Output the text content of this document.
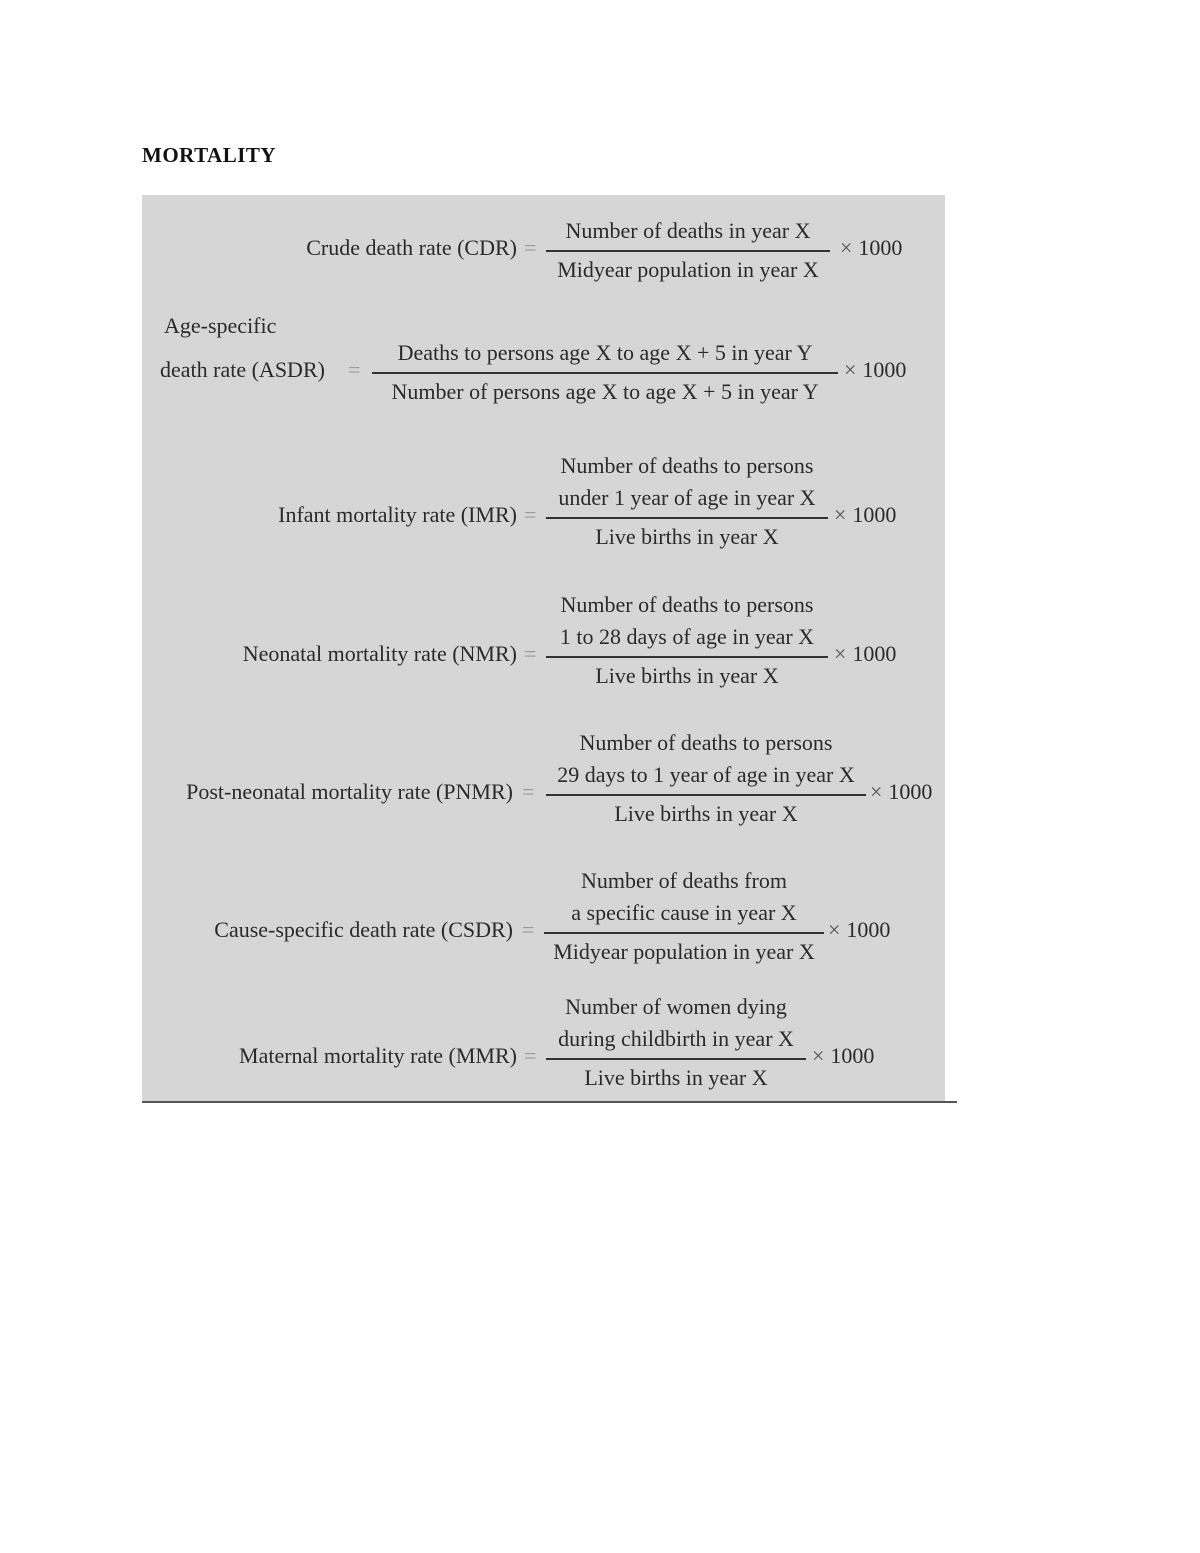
MORTALITY
Crude death rate (CDR) =
Number of deaths in year X
Midyear population in year X
× 1000
Age-specific
death rate (ASDR) =
Deaths to persons age X to age X + 5 in year Y
Number of persons age X to age X + 5 in year Y
× 1000
Infant mortality rate (IMR) =
Number of deaths to persons
under 1 year of age in year X
Live births in year X
× 1000
Neonatal mortality rate (NMR) =
Number of deaths to persons
1 to 28 days of age in year X
Live births in year X
× 1000
Post-neonatal mortality rate (PNMR) =
Number of deaths to persons
29 days to 1 year of age in year X
Live births in year X
× 1000
Cause-specific death rate (CSDR) =
Number of deaths from
a specific cause in year X
Midyear population in year X
× 1000
Maternal mortality rate (MMR) =
Number of women dying
during childbirth in year X
Live births in year X
× 1000
